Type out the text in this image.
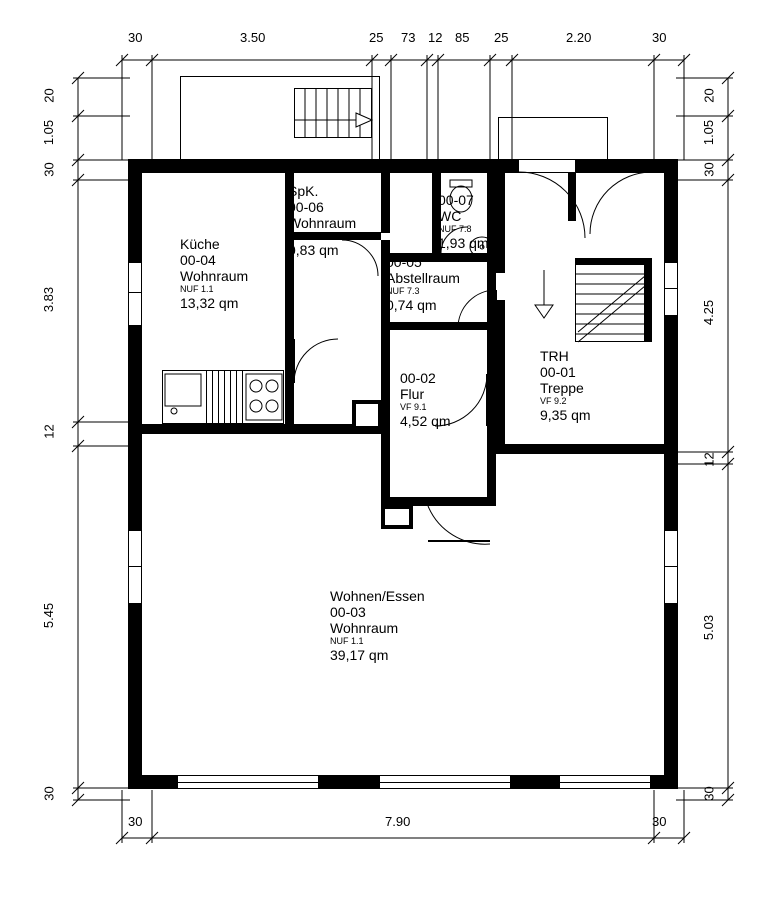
30	3.50	25 73 12 85 25	2.20	30
30	7.90	30
20
1.05
30
3.83
12
5.45
30
20
1.05
30
4.25
12
5.03
30
Küche
00-04
Wohnraum
NUF 1.1
13,32 qm
SpK.
00-06
Wohnraum
NUF 1.1
0,83 qm
00-07
WC
NUF 7.8
1,93 qm
00-05
Abstellraum
NUF 7.3
0,74 qm
00-02
Flur
VF 9.1
4,52 qm
TRH
00-01
Treppe
VF 9.2
9,35 qm
Wohnen/Essen
00-03
Wohnraum
NUF 1.1
39,17 qm
